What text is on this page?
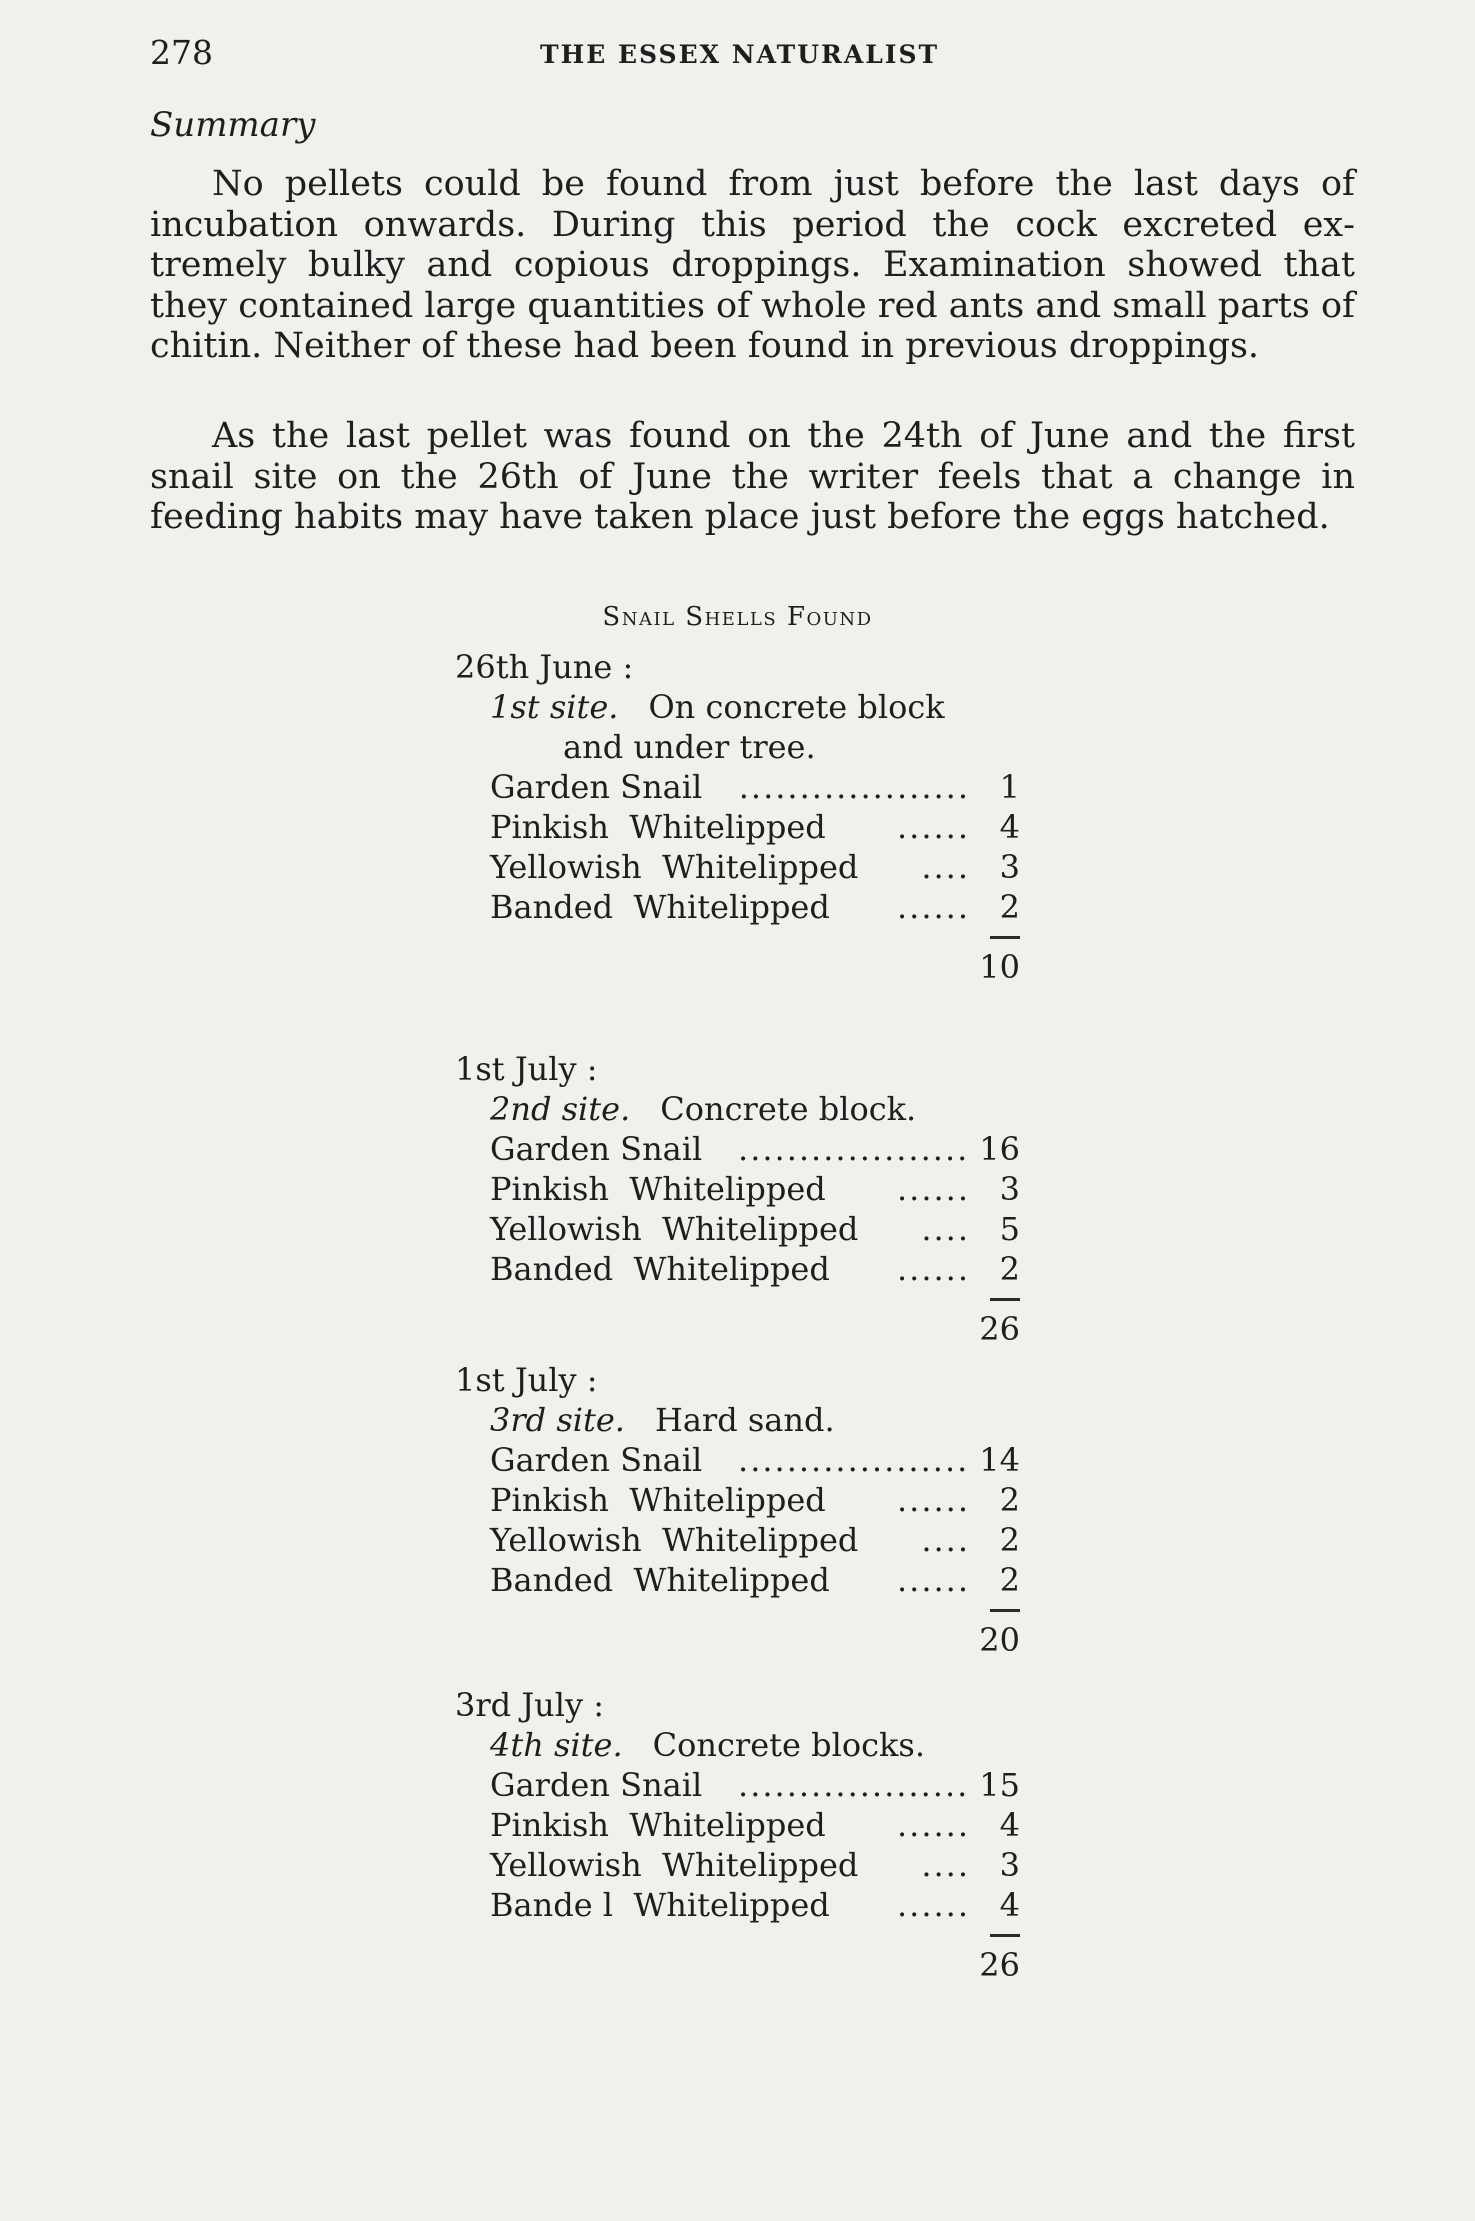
278	THE ESSEX NATURALIST
Summary

No pellets could be found from just before the last days of incubation onwards. During this period the cock excreted extremely bulky and copious droppings. Examination showed that they contained large quantities of whole red ants and small parts of chitin. Neither of these had been found in previous droppings.

As the last pellet was found on the 24th of June and the first snail site on the 26th of June the writer feels that a change in feeding habits may have taken place just before the eggs hatched.

Snail Shells Found
26th June :
1st site. On concrete block
and under tree.
Garden Snail ................... 1
Pinkish  Whitelipped ...... 4
Yellowish  Whitelipped .... 3
Banded  Whitelipped ...... 2
10
1st July :
2nd site. Concrete block.
Garden Snail ................... 16
Pinkish  Whitelipped ...... 3
Yellowish  Whitelipped .... 5
Banded  Whitelipped ...... 2
26
1st July :
3rd site. Hard sand.
Garden Snail ................... 14
Pinkish  Whitelipped ...... 2
Yellowish  Whitelipped .... 2
Banded  Whitelipped ...... 2
20
3rd July :
4th site. Concrete blocks.
Garden Snail ................... 15
Pinkish  Whitelipped ...... 4
Yellowish  Whitelipped .... 3
Bande l  Whitelipped ...... 4
26
